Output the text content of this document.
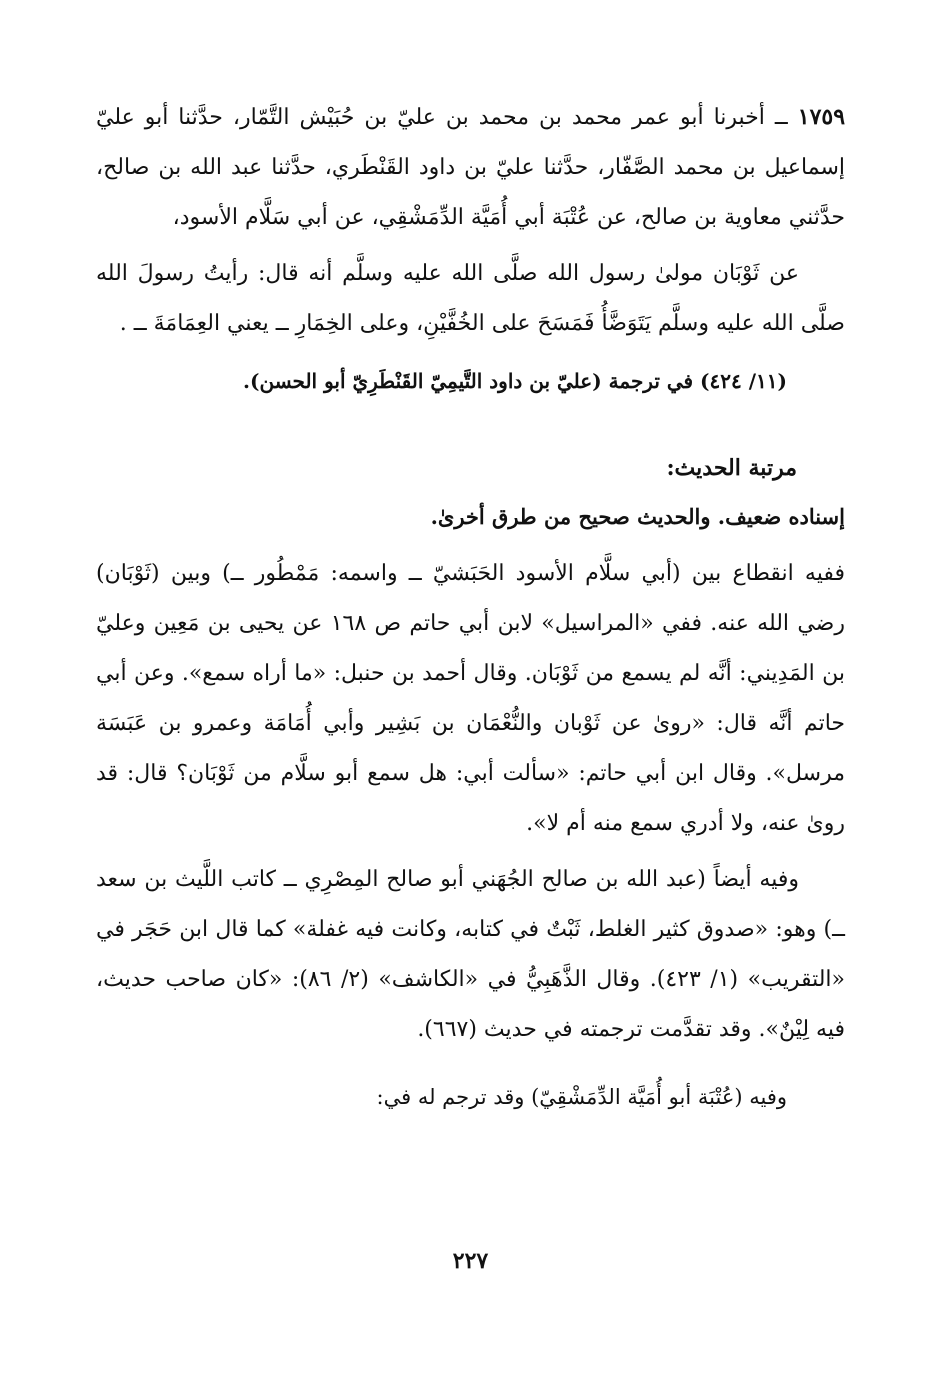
١٧٥٩ ــ أخبرنا أبو عمر محمد بن محمد بن عليّ بن حُبَيْش التَّمّار، حدَّثنا أبو عليّ إسماعيل بن محمد الصَّفّار، حدَّثنا عليّ بن داود القَنْطَري، حدَّثنا عبد الله بن صالح، حدَّثني معاوية بن صالح، عن عُتْبَة أبي أُمَيَّة الدِّمَشْقِي، عن أبي سَلَّام الأسود،

عن ثَوْبَان مولىٰ رسول الله صلَّى الله عليه وسلَّم أنه قال: رأيتُ رسولَ الله صلَّى الله عليه وسلَّم يَتَوَضَّأُ فَمَسَحَ على الخُفَّيْنِ، وعلى الخِمَارِ ــ يعني العِمَامَةَ ــ .

(١١/ ٤٢٤) في ترجمة (عليّ بن داود التَّيمِيّ القَنْطَرِيّ أبو الحسن).

مرتبة الحديث:

إسناده ضعيف. والحديث صحيح من طرق أخرىٰ.

ففيه انقطاع بين (أبي سلَّام الأسود الحَبَشيّ ــ واسمه: مَمْطُور ــ) وبين (ثَوْبَان) رضي الله عنه. ففي «المراسيل» لابن أبي حاتم ص ١٦٨ عن يحيى بن مَعِين وعليّ بن المَدِيني: أنَّه لم يسمع من ثَوْبَان. وقال أحمد بن حنبل: «ما أراه سمع». وعن أبي حاتم أنَّه قال: «روىٰ عن ثَوْبان والنُّعْمَان بن بَشِير وأبي أُمَامَة وعمرو بن عَبَسَة مرسل». وقال ابن أبي حاتم: «سألت أبي: هل سمع أبو سلَّام من ثَوْبَان؟ قال: قد روىٰ عنه، ولا أدري سمع منه أم لا».

وفيه أيضاً (عبد الله بن صالح الجُهَني أبو صالح المِصْرِي ــ كاتب اللَّيث بن سعد ــ) وهو: «صدوق كثير الغلط، ثَبْتٌ في كتابه، وكانت فيه غفلة» كما قال ابن حَجَر في «التقريب» (١/ ٤٢٣). وقال الذَّهَبِيُّ في «الكاشف» (٢/ ٨٦): «كان صاحب حديث، فيه لِيْنٌ». وقد تقدَّمت ترجمته في حديث (٦٦٧).

وفيه (عُتْبَة أبو أُمَيَّة الدِّمَشْقِيّ) وقد ترجم له في:

٢٢٧
